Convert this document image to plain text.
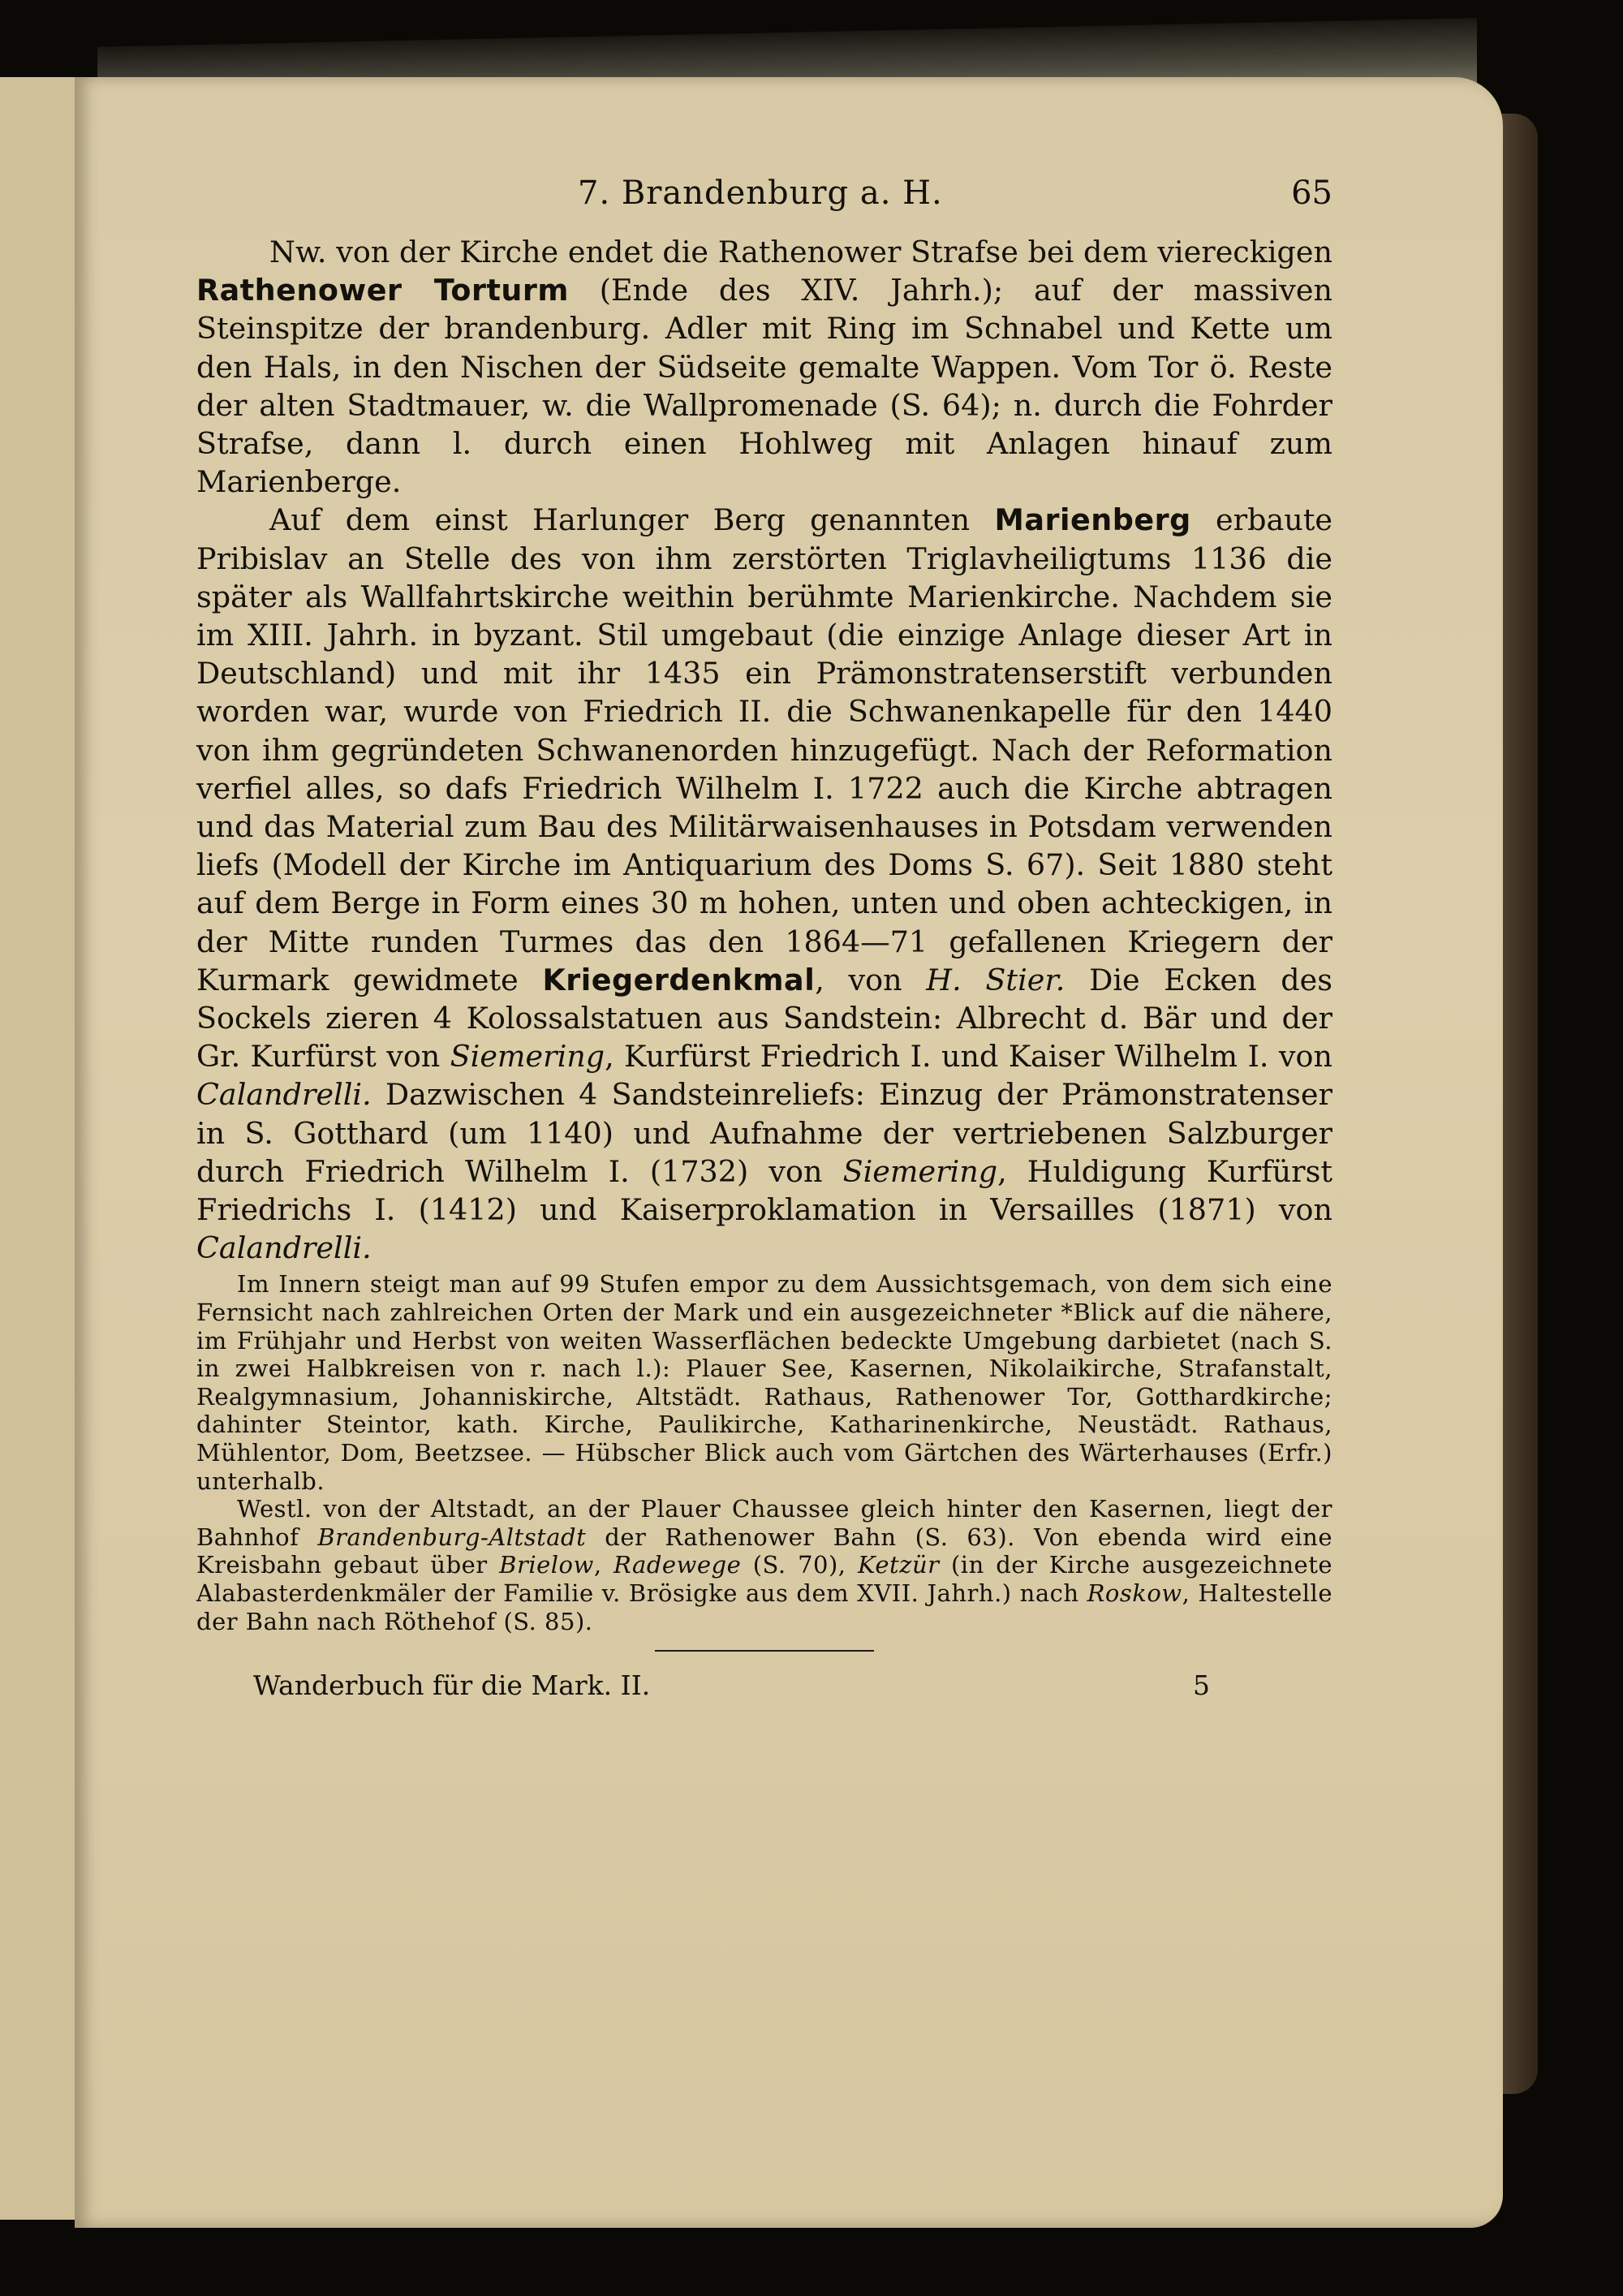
7. Brandenburg a. H.	65

Nw. von der Kirche endet die Rathenower Strafse bei dem viereckigen Rathenower Torturm (Ende des XIV. Jahrh.); auf der massiven Steinspitze der brandenburg. Adler mit Ring im Schnabel und Kette um den Hals, in den Nischen der Südseite gemalte Wappen. Vom Tor ö. Reste der alten Stadtmauer, w. die Wallpromenade (S. 64); n. durch die Fohrder Strafse, dann l. durch einen Hohlweg mit Anlagen hinauf zum Marienberge.

Auf dem einst Harlunger Berg genannten Marienberg erbaute Pribislav an Stelle des von ihm zerstörten Triglavheiligtums 1136 die später als Wallfahrtskirche weithin berühmte Marienkirche. Nachdem sie im XIII. Jahrh. in byzant. Stil umgebaut (die einzige Anlage dieser Art in Deutschland) und mit ihr 1435 ein Prämonstratenserstift verbunden worden war, wurde von Friedrich II. die Schwanenkapelle für den 1440 von ihm gegründeten Schwanenorden hinzugefügt. Nach der Reformation verfiel alles, so dafs Friedrich Wilhelm I. 1722 auch die Kirche abtragen und das Material zum Bau des Militärwaisenhauses in Potsdam verwenden liefs (Modell der Kirche im Antiquarium des Doms S. 67). Seit 1880 steht auf dem Berge in Form eines 30 m hohen, unten und oben achteckigen, in der Mitte runden Turmes das den 1864—71 gefallenen Kriegern der Kurmark gewidmete Kriegerdenkmal, von H. Stier. Die Ecken des Sockels zieren 4 Kolossalstatuen aus Sandstein: Albrecht d. Bär und der Gr. Kurfürst von Siemering, Kurfürst Friedrich I. und Kaiser Wilhelm I. von Calandrelli. Dazwischen 4 Sandsteinreliefs: Einzug der Prämonstratenser in S. Gotthard (um 1140) und Aufnahme der vertriebenen Salzburger durch Friedrich Wilhelm I. (1732) von Siemering, Huldigung Kurfürst Friedrichs I. (1412) und Kaiserproklamation in Versailles (1871) von Calandrelli.

Im Innern steigt man auf 99 Stufen empor zu dem Aussichtsgemach, von dem sich eine Fernsicht nach zahlreichen Orten der Mark und ein ausgezeichneter *Blick auf die nähere, im Frühjahr und Herbst von weiten Wasserflächen bedeckte Umgebung darbietet (nach S. in zwei Halbkreisen von r. nach l.): Plauer See, Kasernen, Nikolaikirche, Strafanstalt, Realgymnasium, Johanniskirche, Altstädt. Rathaus, Rathenower Tor, Gotthardkirche; dahinter Steintor, kath. Kirche, Paulikirche, Katharinenkirche, Neustädt. Rathaus, Mühlentor, Dom, Beetzsee. — Hübscher Blick auch vom Gärtchen des Wärterhauses (Erfr.) unterhalb.

Westl. von der Altstadt, an der Plauer Chaussee gleich hinter den Kasernen, liegt der Bahnhof Brandenburg-Altstadt der Rathenower Bahn (S. 63). Von ebenda wird eine Kreisbahn gebaut über Brielow, Radewege (S. 70), Ketzür (in der Kirche ausgezeichnete Alabasterdenkmäler der Familie v. Brösigke aus dem XVII. Jahrh.) nach Roskow, Haltestelle der Bahn nach Röthehof (S. 85).

Wanderbuch für die Mark. II.	5
